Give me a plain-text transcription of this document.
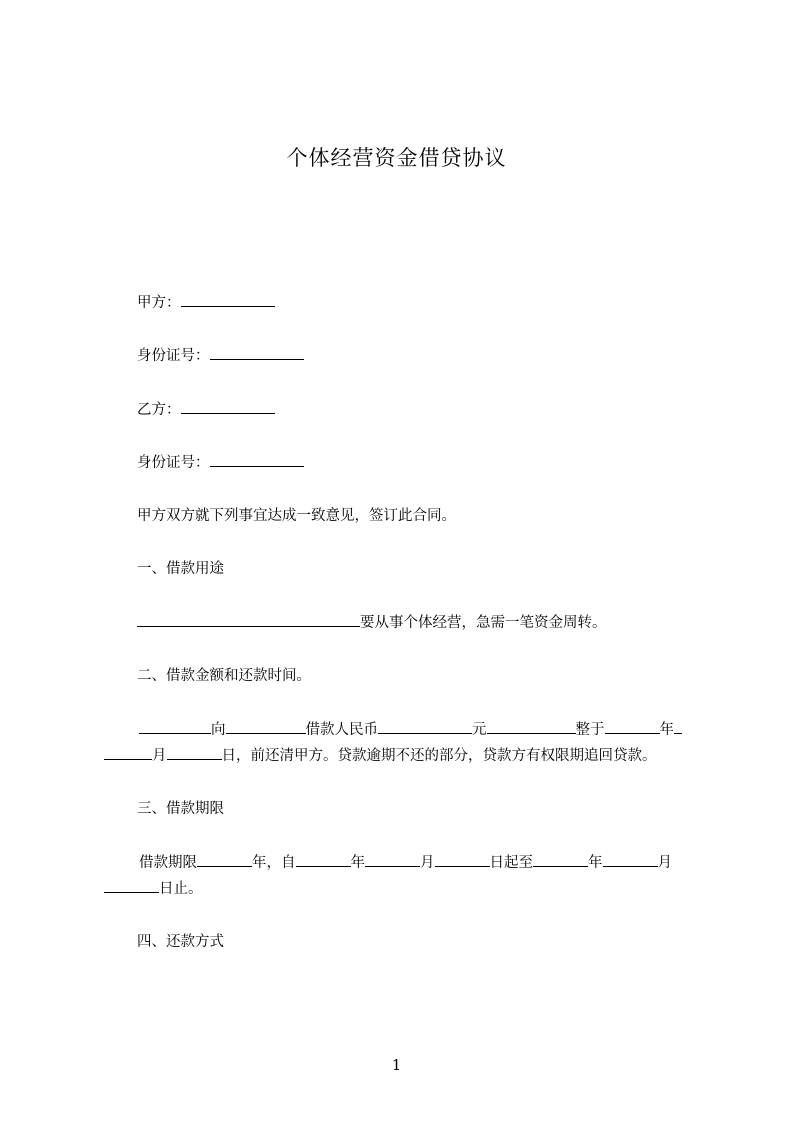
个体经营资金借贷协议
甲方：
身份证号：
乙方：
身份证号：
甲方双方就下列事宜达成一致意见，签订此合同。
一、借款用途
要从事个体经营，急需一笔资金周转。
二、借款金额和还款时间。
向	借款人民币	元	整于	年
月	日，前还清甲方。贷款逾期不还的部分，贷款方有权限期追回贷款。
三、借款期限
借款期限	年，自	年	月	日起至	年	月
日止。
四、还款方式
1
